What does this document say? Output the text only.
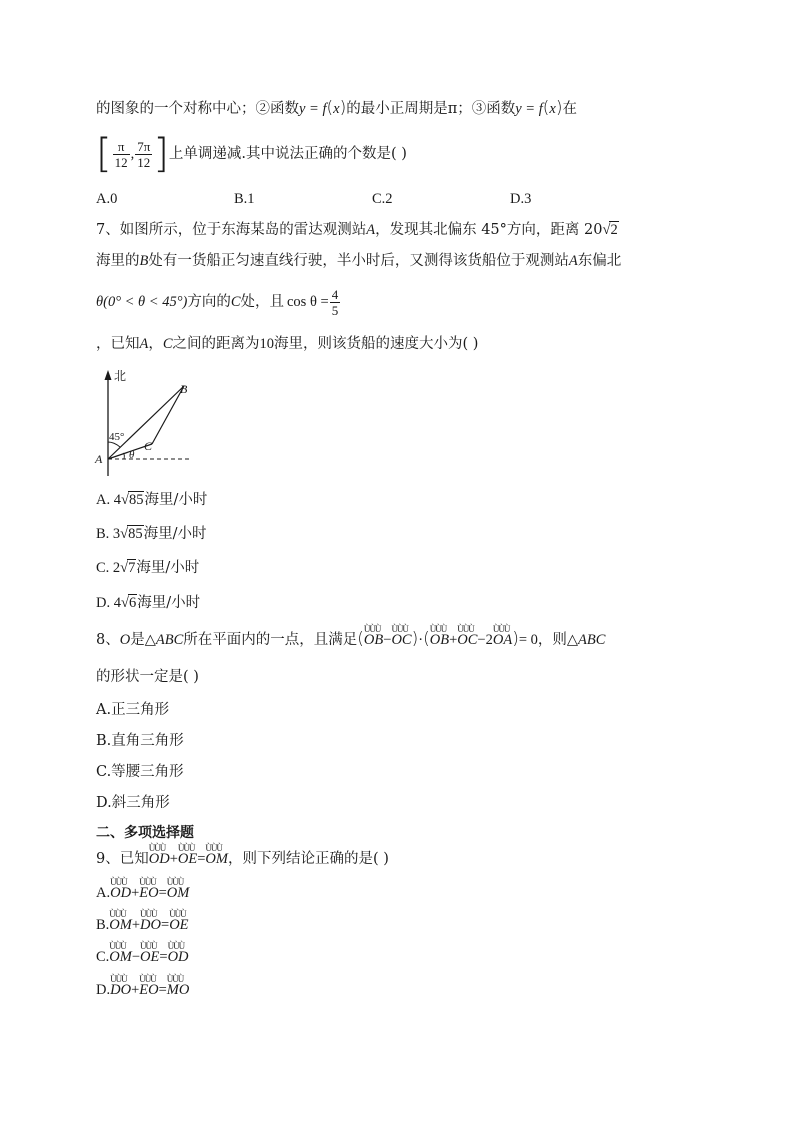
的图象的一个对称中心；②函数y = f(x)的最小正周期是π；③函数y = f(x)在
[ $\frac{\pi}{12}$ , $\frac{7\pi}{12}$ ]上单调递减.其中说法正确的个数是( )
A.0	B.1	C.2	D.3
7、如图所示，位于东海某岛的雷达观测站A，发现其北偏东 45°方向，距离 20√2
海里的B处有一货船正匀速直线行驶，半小时后，又测得该货船位于观测站A东偏北
θ(0° < θ < 45°)方向的C处，且 $\cos \theta = \frac{4}{5}$
，已知A，C之间的距离为10海里，则该货船的速度大小为( )
北
B
45°
C
θ
A
A. 4√85海里/小时
B. 3√85海里/小时
C. 2√7海里/小时
D. 4√6海里/小时
8、O是△ABC所在平面内的一点，且满足(ÙÙÙ OB−ÙÙÙ OC)·(ÙÙÙ OB+ÙÙÙ OC−2ÙÙÙ OA)= 0，则△ABC
的形状一定是( )
A.正三角形
B.直角三角形
C.等腰三角形
D.斜三角形
二、多项选择题
9、已知ÙÙÙ OD+ÙÙÙ OE=ÙÙÙ OM，则下列结论正确的是( )
A.ÙÙÙ OD+ÙÙÙ EO=ÙÙÙ OM
B.ÙÙÙ OM+ÙÙÙ DO=ÙÙÙ OE
C.ÙÙÙ OM−ÙÙÙ OE=ÙÙÙ OD
D.ÙÙÙ DO+ÙÙÙ EO=ÙÙÙ MO
